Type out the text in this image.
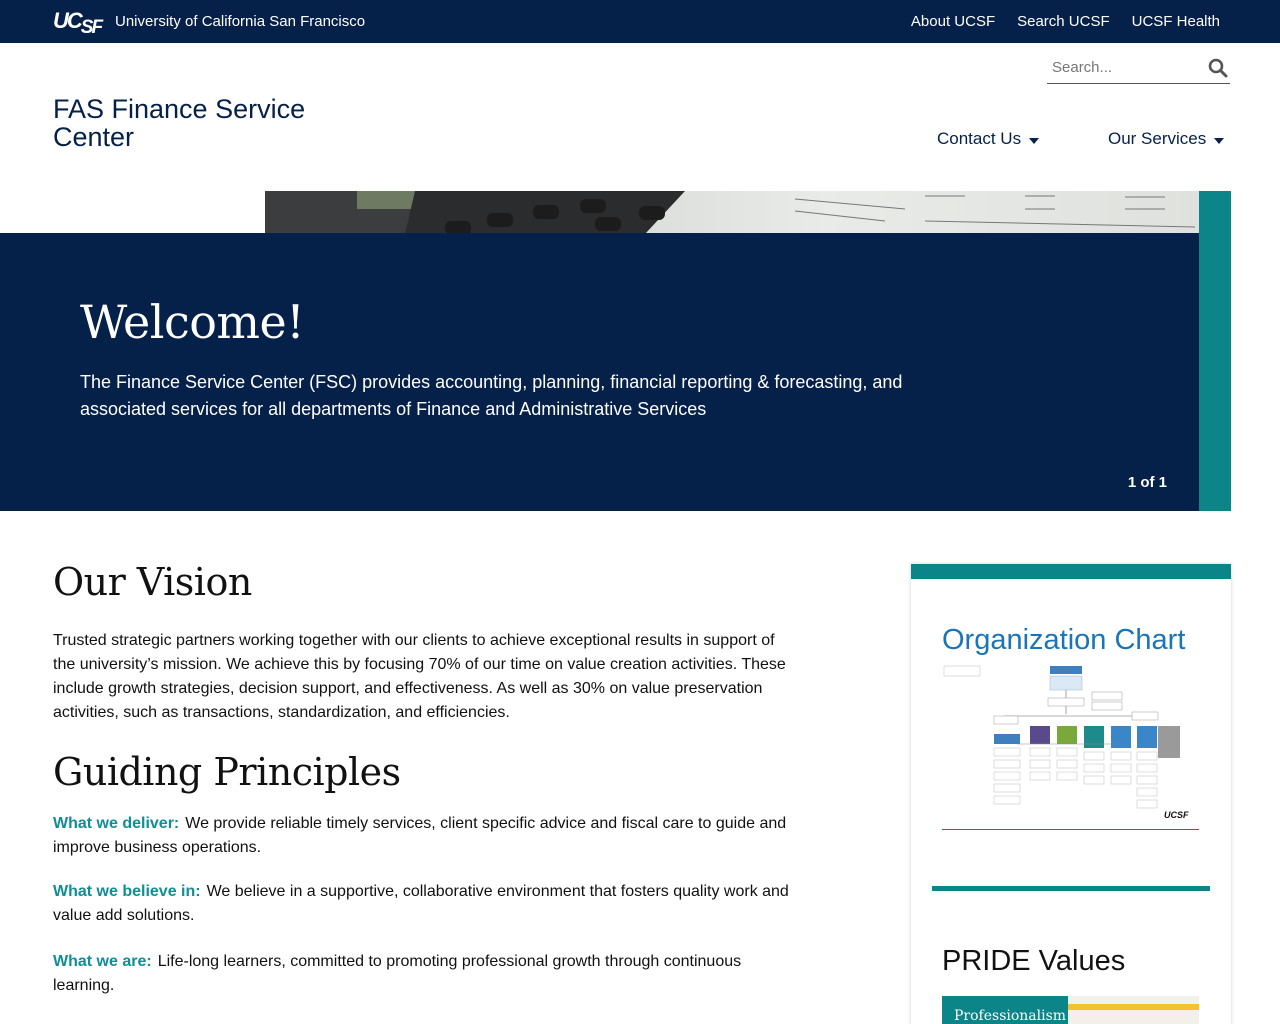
UCSF University of California San Francisco	About UCSF Search UCSF UCSF Health
FAS Finance Service Center
Search...	Contact Us	Our Services
Welcome!

The Finance Service Center (FSC) provides accounting, planning, financial reporting & forecasting, and associated services for all departments of Finance and Administrative Services

1 of 1
Our Vision

Trusted strategic partners working together with our clients to achieve exceptional results in support of the university’s mission. We achieve this by focusing 70% of our time on value creation activities. These include growth strategies, decision support, and effectiveness. As well as 30% on value preservation activities, such as transactions, standardization, and efficiencies.

Guiding Principles

What we deliver: We provide reliable timely services, client specific advice and fiscal care to guide and improve business operations.

What we believe in: We believe in a supportive, collaborative environment that fosters quality work and value add solutions.

What we are: Life-long learners, committed to promoting professional growth through continuous learning.

Organization Chart
UCSF
PRIDE Values
Professionalism
